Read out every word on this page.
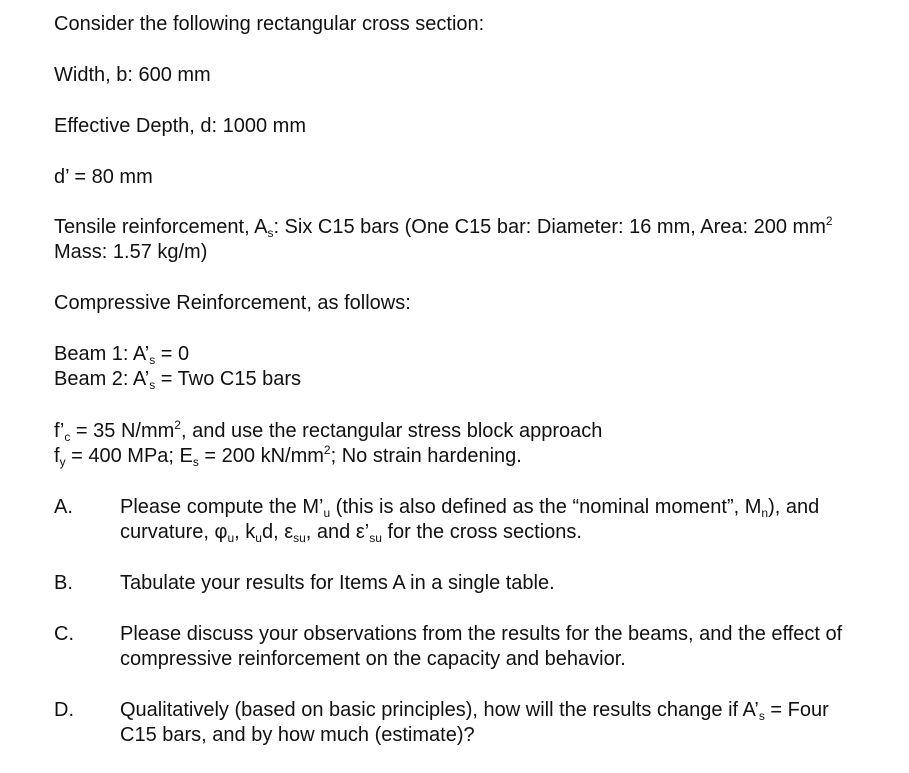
Consider the following rectangular cross section:
Width, b: 600 mm
Effective Depth, d: 1000 mm
d’ = 80 mm
Tensile reinforcement, $A_s$: Six C15 bars (One C15 bar: Diameter: 16 mm, Area: 200 $mm^2$
Mass: 1.57 kg/m)
Compressive Reinforcement, as follows:
Beam 1: $A’_s = 0$
Beam 2: $A’_s$ = Two C15 bars
$f’_c = 35$ $N/mm^2$, and use the rectangular stress block approach
$f_y = 400$ MPa; $E_s = 200$ $kN/mm^2$; No strain hardening.
A. Please compute the $M’_u$ (this is also defined as the “nominal moment”, $M_n$), and
curvature, $\varphi_u$, $k_ud$, $\varepsilon_{su}$, and $\varepsilon’_{su}$ for the cross sections.
B. Tabulate your results for Items A in a single table.
C. Please discuss your observations from the results for the beams, and the effect of
compressive reinforcement on the capacity and behavior.
D. Qualitatively (based on basic principles), how will the results change if $A’_s$ = Four
C15 bars, and by how much (estimate)?
